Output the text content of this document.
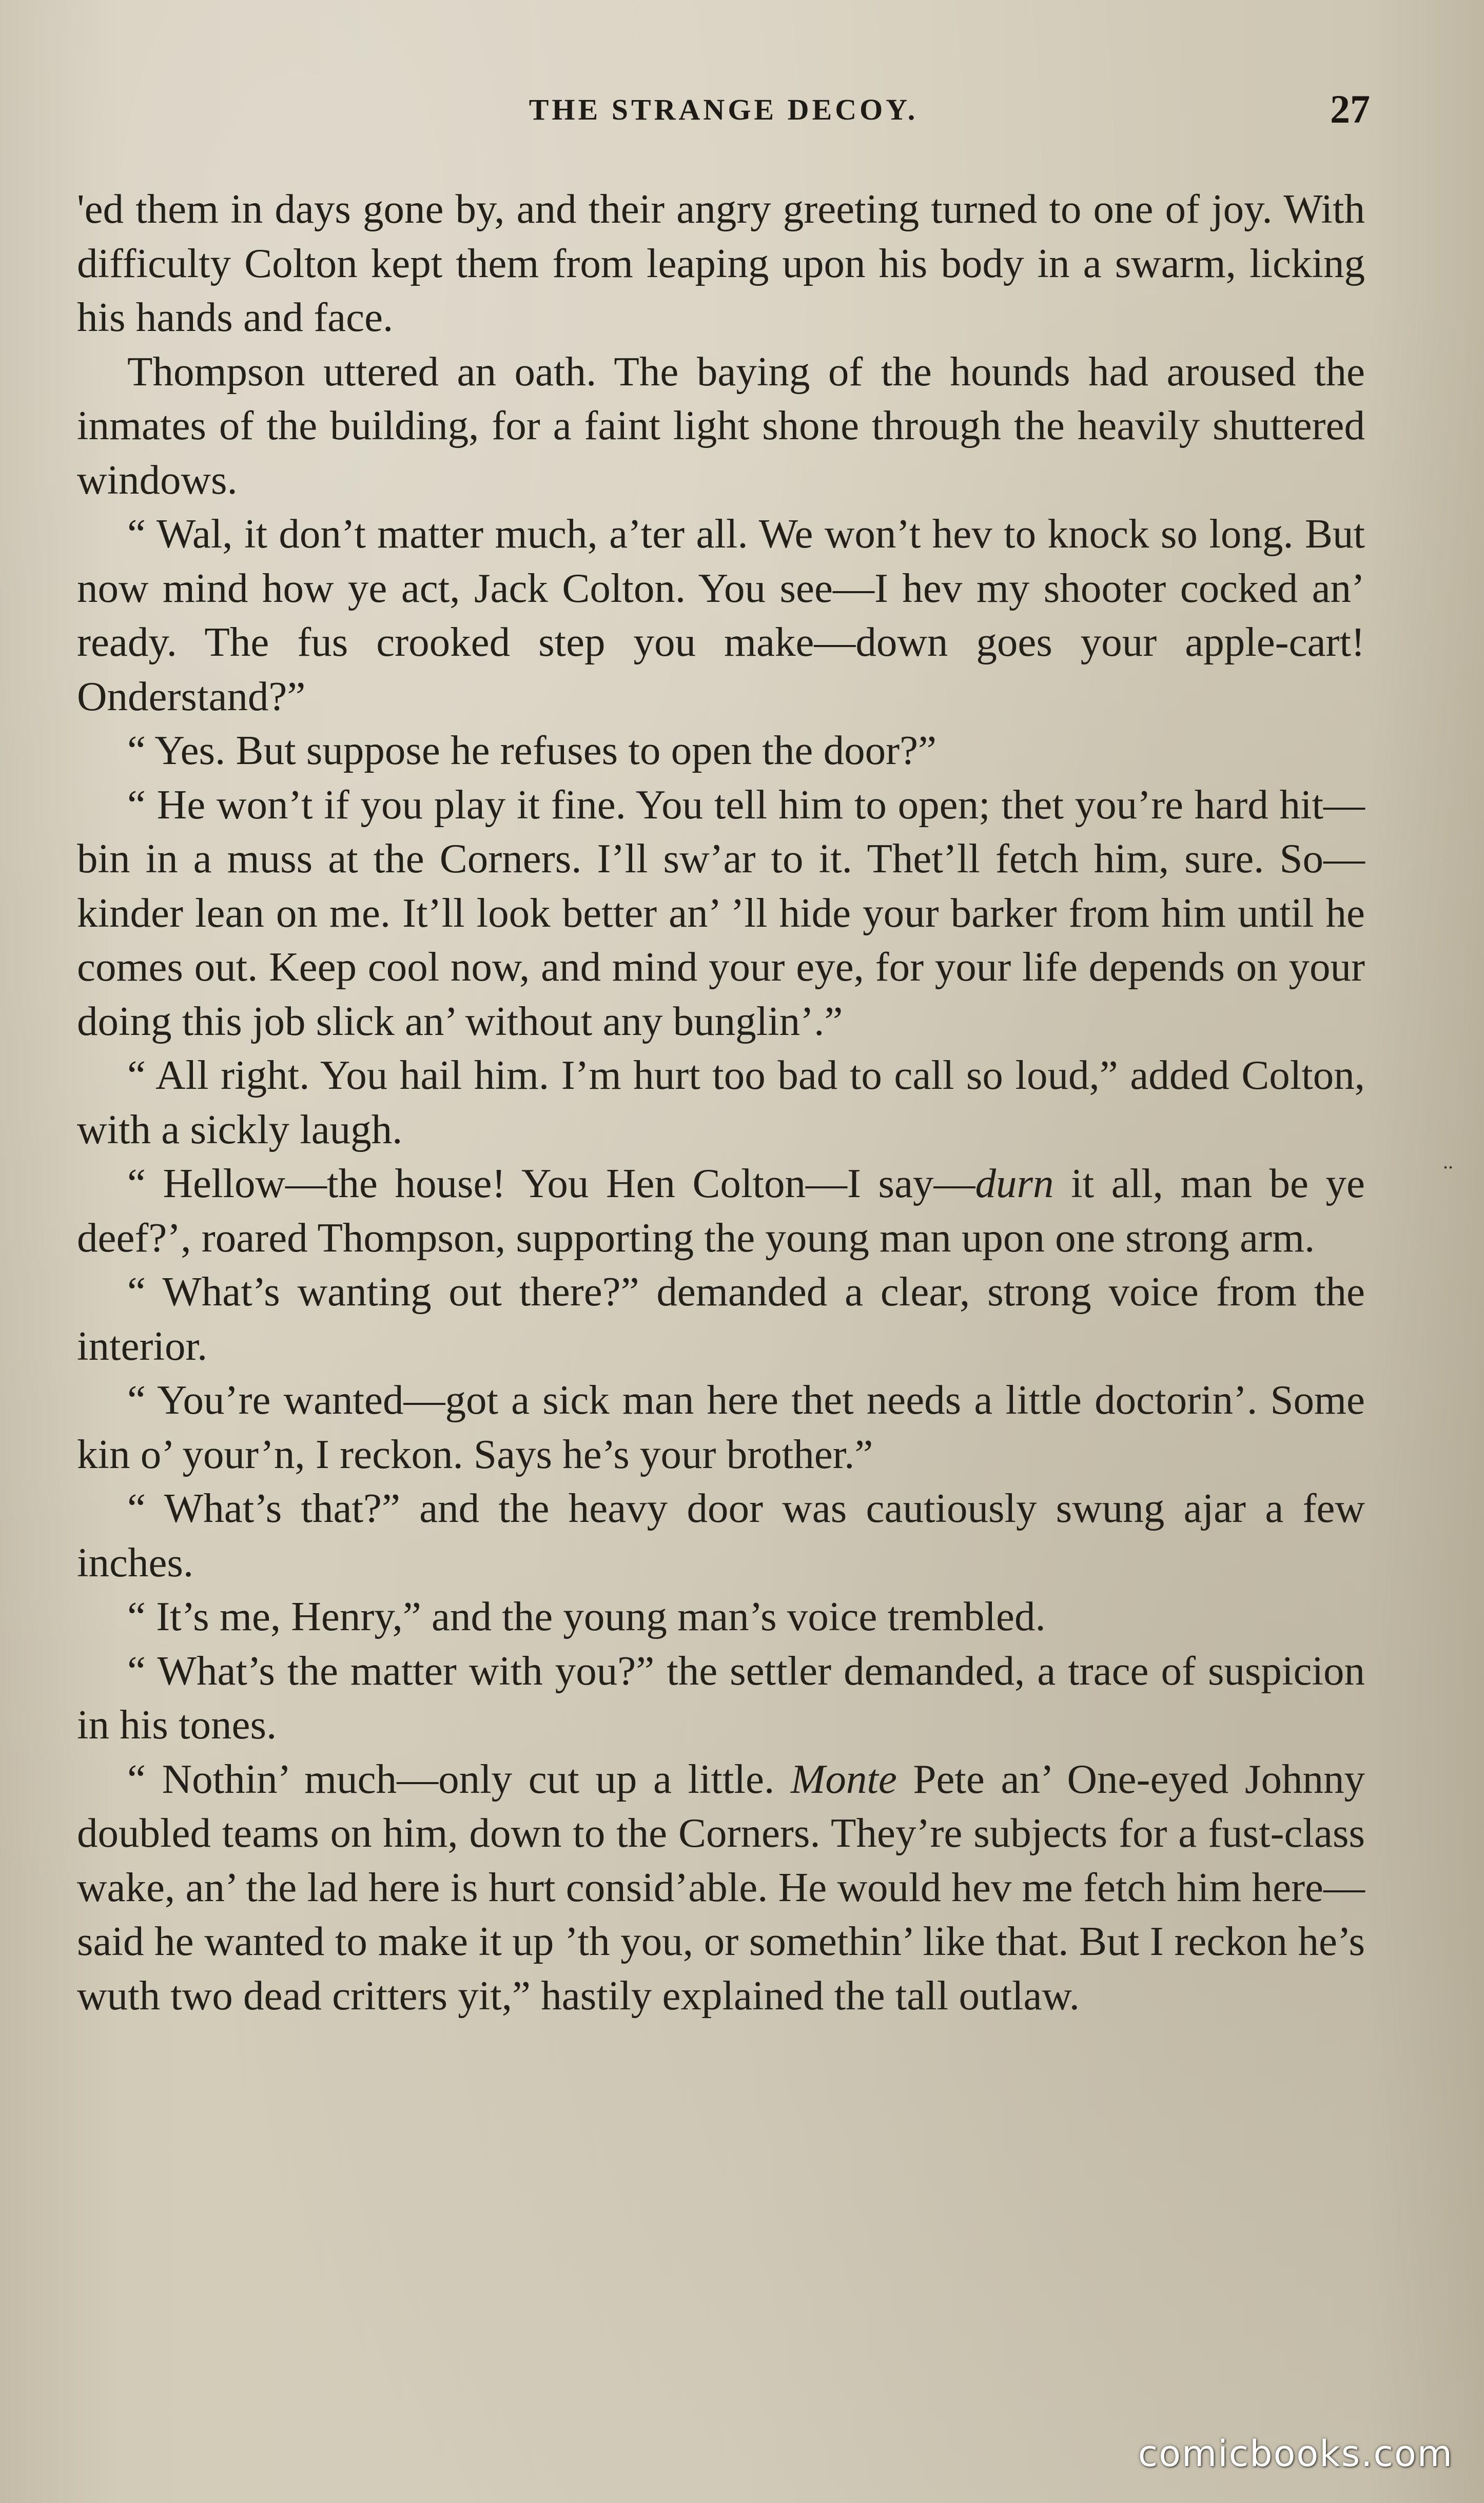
THE STRANGE DECOY.	27

'ed them in days gone by, and their angry greeting turned to one of joy. With difficulty Colton kept them from leaping upon his body in a swarm, licking his hands and face.

Thompson uttered an oath. The baying of the hounds had aroused the inmates of the building, for a faint light shone through the heavily shuttered windows.

“ Wal, it don’t matter much, a’ter all. We won’t hev to knock so long. But now mind how ye act, Jack Colton. You see—I hev my shooter cocked an’ ready. The fus crooked step you make—down goes your apple-cart! Onderstand?”

“ Yes. But suppose he refuses to open the door?”

“ He won’t if you play it fine. You tell him to open; thet you’re hard hit—bin in a muss at the Corners. I’ll sw’ar to it. Thet’ll fetch him, sure. So—kinder lean on me. It’ll look better an’ ’ll hide your barker from him until he comes out. Keep cool now, and mind your eye, for your life depends on your doing this job slick an’ without any bunglin’.”

“ All right. You hail him. I’m hurt too bad to call so loud,” added Colton, with a sickly laugh.

“ Hellow—the house! You Hen Colton—I say—durn it all, man be ye deef?’, roared Thompson, supporting the young man upon one strong arm.

“ What’s wanting out there?” demanded a clear, strong voice from the interior.

“ You’re wanted—got a sick man here thet needs a little doctorin’. Some kin o’ your’n, I reckon. Says he’s your brother.”

“ What’s that?” and the heavy door was cautiously swung ajar a few inches.

“ It’s me, Henry,” and the young man’s voice trembled.

“ What’s the matter with you?” the settler demanded, a trace of suspicion in his tones.

“ Nothin’ much—only cut up a little. Monte Pete an’ One-eyed Johnny doubled teams on him, down to the Corners. They’re subjects for a fust-class wake, an’ the lad here is hurt consid’able. He would hev me fetch him here—said he wanted to make it up ’th you, or somethin’ like that. But I reckon he’s wuth two dead critters yit,” hastily explained the tall outlaw.

..
comicbooks.com
